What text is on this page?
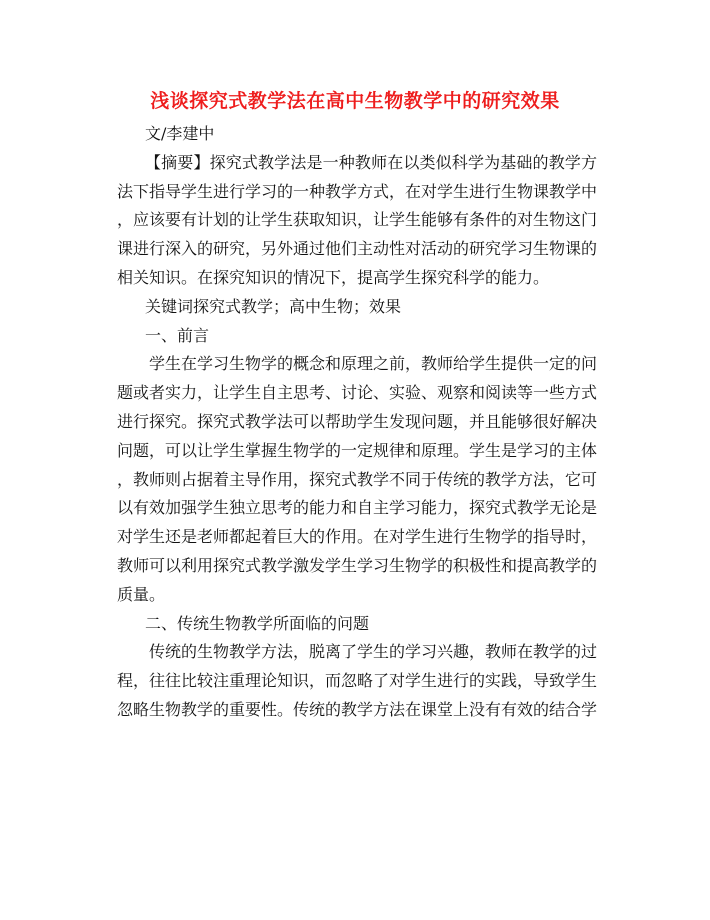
浅谈探究式教学法在高中生物教学中的研究效果

文/李建中

【摘要】探究式教学法是一种教师在以类似科学为基础的教学方
法下指导学生进行学习的一种教学方式，在对学生进行生物课教学中
，应该要有计划的让学生获取知识，让学生能够有条件的对生物这门
课进行深入的研究，另外通过他们主动性对活动的研究学习生物课的
相关知识。在探究知识的情况下，提高学生探究科学的能力。

关键词探究式教学；高中生物；效果

一、前言

学生在学习生物学的概念和原理之前，教师给学生提供一定的问
题或者实力，让学生自主思考、讨论、实验、观察和阅读等一些方式
进行探究。探究式教学法可以帮助学生发现问题，并且能够很好解决
问题，可以让学生掌握生物学的一定规律和原理。学生是学习的主体
，教师则占据着主导作用，探究式教学不同于传统的教学方法，它可
以有效加强学生独立思考的能力和自主学习能力，探究式教学无论是
对学生还是老师都起着巨大的作用。在对学生进行生物学的指导时，
教师可以利用探究式教学激发学生学习生物学的积极性和提高教学的
质量。

二、传统生物教学所面临的问题

传统的生物教学方法，脱离了学生的学习兴趣，教师在教学的过
程，往往比较注重理论知识，而忽略了对学生进行的实践，导致学生
忽略生物教学的重要性。传统的教学方法在课堂上没有有效的结合学
